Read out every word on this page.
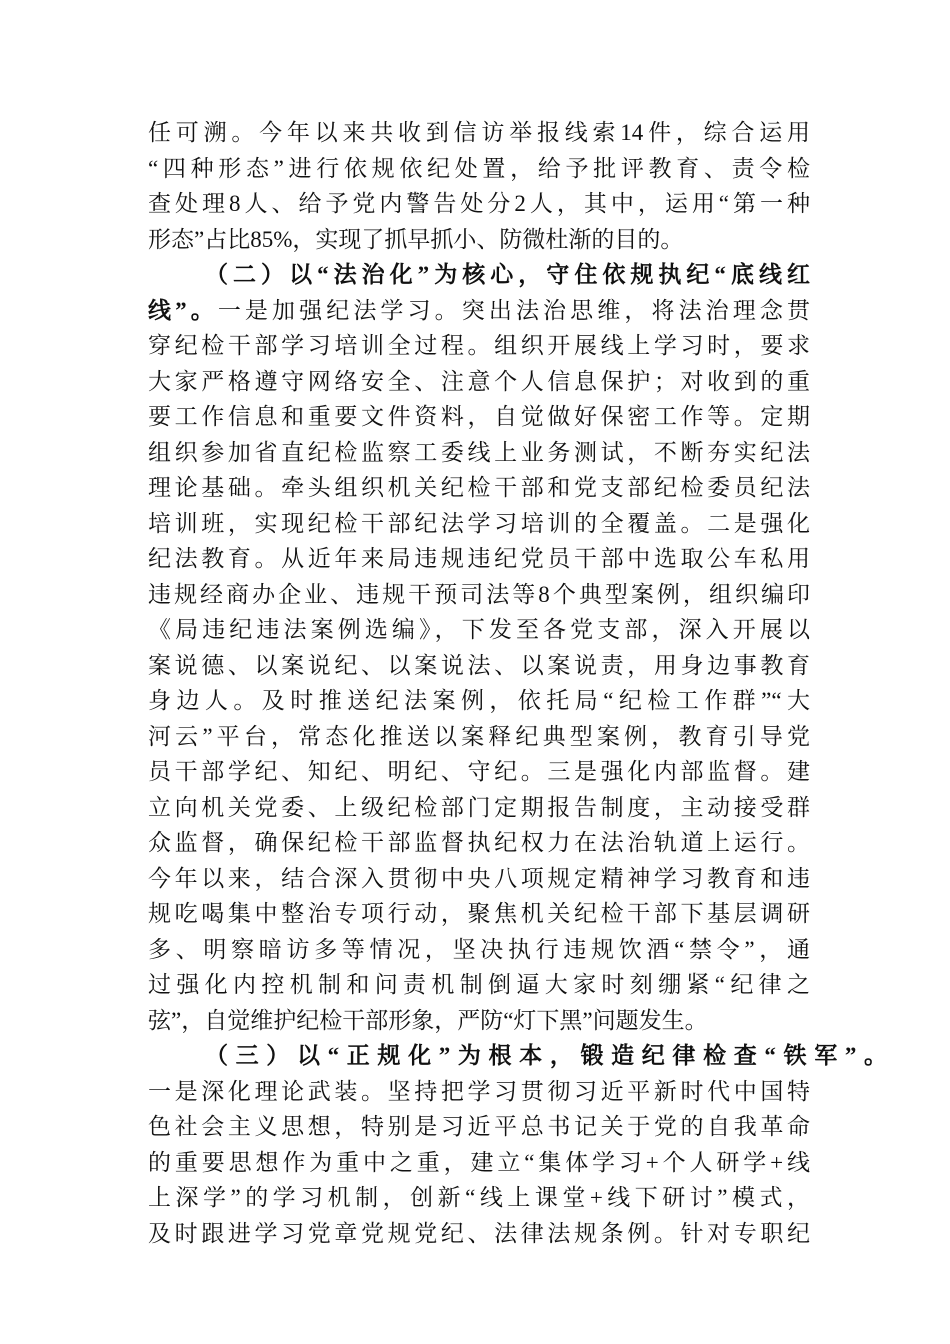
任可溯。今年以来共收到信访举报线索14件，综合运用
“四种形态”进行依规依纪处置，给予批评教育、责令检
查处理8人、给予党内警告处分2人，其中，运用“第一种
形态”占比85%，实现了抓早抓小、防微杜渐的目的。
（二）以“法治化”为核心，守住依规执纪“底线红
线”。一是加强纪法学习。突出法治思维，将法治理念贯
穿纪检干部学习培训全过程。组织开展线上学习时，要求
大家严格遵守网络安全、注意个人信息保护；对收到的重
要工作信息和重要文件资料，自觉做好保密工作等。定期
组织参加省直纪检监察工委线上业务测试，不断夯实纪法
理论基础。牵头组织机关纪检干部和党支部纪检委员纪法
培训班，实现纪检干部纪法学习培训的全覆盖。二是强化
纪法教育。从近年来局违规违纪党员干部中选取公车私用
违规经商办企业、违规干预司法等8个典型案例，组织编印
《局违纪违法案例选编》，下发至各党支部，深入开展以
案说德、以案说纪、以案说法、以案说责，用身边事教育
身边人。及时推送纪法案例，依托局“纪检工作群”“大
河云”平台，常态化推送以案释纪典型案例，教育引导党
员干部学纪、知纪、明纪、守纪。三是强化内部监督。建
立向机关党委、上级纪检部门定期报告制度，主动接受群
众监督，确保纪检干部监督执纪权力在法治轨道上运行。
今年以来，结合深入贯彻中央八项规定精神学习教育和违
规吃喝集中整治专项行动，聚焦机关纪检干部下基层调研
多、明察暗访多等情况，坚决执行违规饮酒“禁令”，通
过强化内控机制和问责机制倒逼大家时刻绷紧“纪律之
弦”，自觉维护纪检干部形象，严防“灯下黑”问题发生。
（三）以“正规化”为根本，锻造纪律检查“铁军”。
一是深化理论武装。坚持把学习贯彻习近平新时代中国特
色社会主义思想，特别是习近平总书记关于党的自我革命
的重要思想作为重中之重，建立“集体学习+个人研学+线
上深学”的学习机制，创新“线上课堂+线下研讨”模式，
及时跟进学习党章党规党纪、法律法规条例。针对专职纪
